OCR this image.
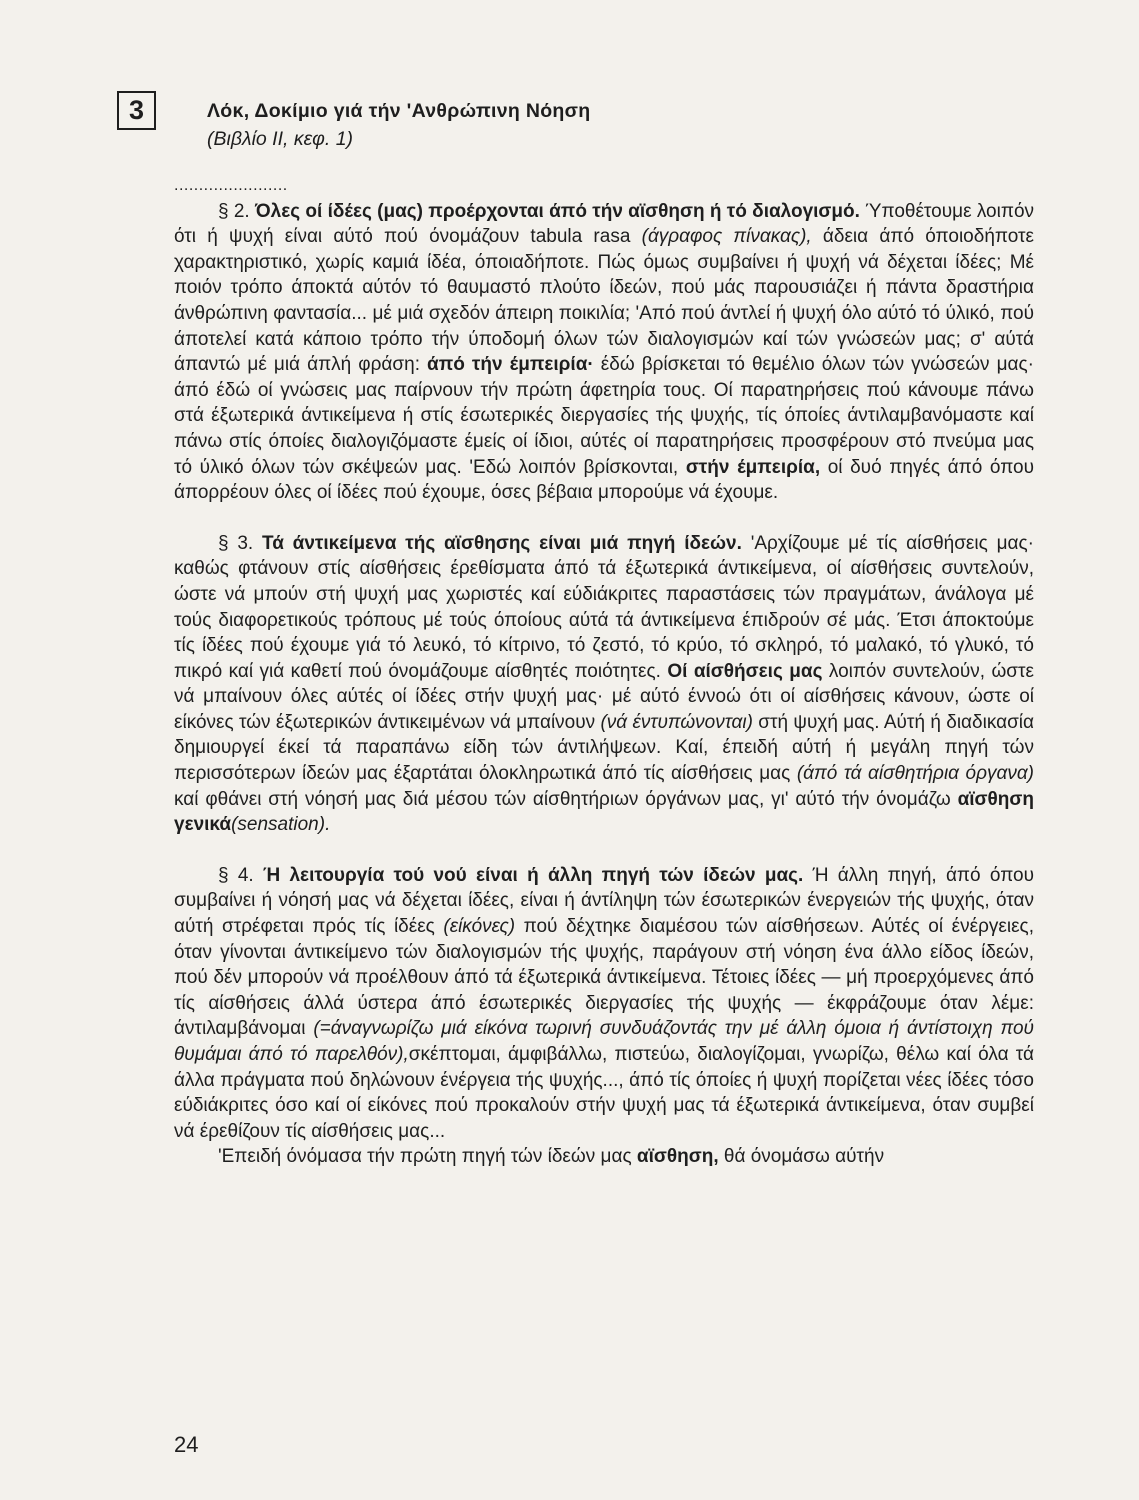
3	Λόκ, Δοκίμιο γιά τήν 'Ανθρώπινη Νόηση
(Βιβλίο ΙΙ, κεφ. 1)
.......................

§ 2. Όλες οί ίδέες (μας) προέρχονται άπό τήν αϊσθηση ή τό διαλογισμό. Ύποθέτουμε λοιπόν ότι ή ψυχή είναι αύτό πού όνομάζουν tabula rasa (άγραφος πίνακας), άδεια άπό όποιοδήποτε χαρακτηριστικό, χωρίς καμιά ίδέα, όποιαδήποτε. Πώς όμως συμβαίνει ή ψυχή νά δέχεται ίδέες; Μέ ποιόν τρόπο άποκτά αύτόν τό θαυμαστό πλούτο ίδεών, πού μάς παρουσιάζει ή πάντα δραστήρια άνθρώπινη φαντασία... μέ μιά σχεδόν άπειρη ποικιλία; 'Από πού άντλεί ή ψυχή όλο αύτό τό ύλικό, πού άποτελεί κατά κάποιο τρόπο τήν ύποδομή όλων τών διαλογισμών καί τών γνώσεών μας; σ' αύτά άπαντώ μέ μιά άπλή φράση: άπό τήν έμπειρία· έδώ βρίσκεται τό θεμέλιο όλων τών γνώσεών μας· άπό έδώ οί γνώσεις μας παίρνουν τήν πρώτη άφετηρία τους. Οί παρατηρήσεις πού κάνουμε πάνω στά έξωτερικά άντικείμενα ή στίς έσωτερικές διεργασίες τής ψυχής, τίς όποίες άντιλαμβανόμαστε καί πάνω στίς όποίες διαλογιζόμαστε έμείς οί ίδιοι, αύτές οί παρατηρήσεις προσφέρουν στό πνεύμα μας τό ύλικό όλων τών σκέψεών μας. 'Εδώ λοιπόν βρίσκονται, στήν έμπειρία, οί δυό πηγές άπό όπου άπορρέουν όλες οί ίδέες πού έχουμε, όσες βέβαια μπορούμε νά έχουμε.

§ 3. Τά άντικείμενα τής αϊσθησης είναι μιά πηγή ίδεών. 'Αρχίζουμε μέ τίς αίσθήσεις μας· καθώς φτάνουν στίς αίσθήσεις έρεθίσματα άπό τά έξωτερικά άντικείμενα, οί αίσθήσεις συντελούν, ώστε νά μπούν στή ψυχή μας χωριστές καί εύδιάκριτες παραστάσεις τών πραγμάτων, άνάλογα μέ τούς διαφορετικούς τρόπους μέ τούς όποίους αύτά τά άντικείμενα έπιδρούν σέ μάς. Έτσι άποκτούμε τίς ίδέες πού έχουμε γιά τό λευκό, τό κίτρινο, τό ζεστό, τό κρύο, τό σκληρό, τό μαλακό, τό γλυκό, τό πικρό καί γιά καθετί πού όνομάζουμε αίσθητές ποιότητες. Οί αίσθήσεις μας λοιπόν συντελούν, ώστε νά μπαίνουν όλες αύτές οί ίδέες στήν ψυχή μας· μέ αύτό έννοώ ότι οί αίσθήσεις κάνουν, ώστε οί είκόνες τών έξωτερικών άντικειμένων νά μπαίνουν (νά έντυπώνονται) στή ψυχή μας. Αύτή ή διαδικασία δημιουργεί έκεί τά παραπάνω είδη τών άντιλήψεων. Καί, έπειδή αύτή ή μεγάλη πηγή τών περισσότερων ίδεών μας έξαρτάται όλοκληρωτικά άπό τίς αίσθήσεις μας (άπό τά αίσθητήρια όργανα) καί φθάνει στή νόησή μας διά μέσου τών αίσθητήριων όργάνων μας, γι' αύτό τήν όνομάζω αϊσθηση γενικά(sensation).

§ 4. Ή λειτουργία τού νού είναι ή άλλη πηγή τών ίδεών μας. Ή άλλη πηγή, άπό όπου συμβαίνει ή νόησή μας νά δέχεται ίδέες, είναι ή άντίληψη τών έσωτερικών ένεργειών τής ψυχής, όταν αύτή στρέφεται πρός τίς ίδέες (είκόνες) πού δέχτηκε διαμέσου τών αίσθήσεων. Αύτές οί ένέργειες, όταν γίνονται άντικείμενο τών διαλογισμών τής ψυχής, παράγουν στή νόηση ένα άλλο είδος ίδεών, πού δέν μπορούν νά προέλθουν άπό τά έξωτερικά άντικείμενα. Τέτοιες ίδέες — μή προερχόμενες άπό τίς αίσθήσεις άλλά ύστερα άπό έσωτερικές διεργασίες τής ψυχής — έκφράζουμε όταν λέμε: άντιλαμβάνομαι (=άναγνωρίζω μιά είκόνα τωρινή συνδυάζοντάς την μέ άλλη όμοια ή άντίστοιχη πού θυμάμαι άπό τό παρελθόν),σκέπτομαι, άμφιβάλλω, πιστεύω, διαλογίζομαι, γνωρίζω, θέλω καί όλα τά άλλα πράγματα πού δηλώνουν ένέργεια τής ψυχής..., άπό τίς όποίες ή ψυχή πορίζεται νέες ίδέες τόσο εύδιάκριτες όσο καί οί είκόνες πού προκαλούν στήν ψυχή μας τά έξωτερικά άντικείμενα, όταν συμβεί νά έρεθίζουν τίς αίσθήσεις μας...

'Επειδή όνόμασα τήν πρώτη πηγή τών ίδεών μας αϊσθηση, θά όνομάσω αύτήν

24
